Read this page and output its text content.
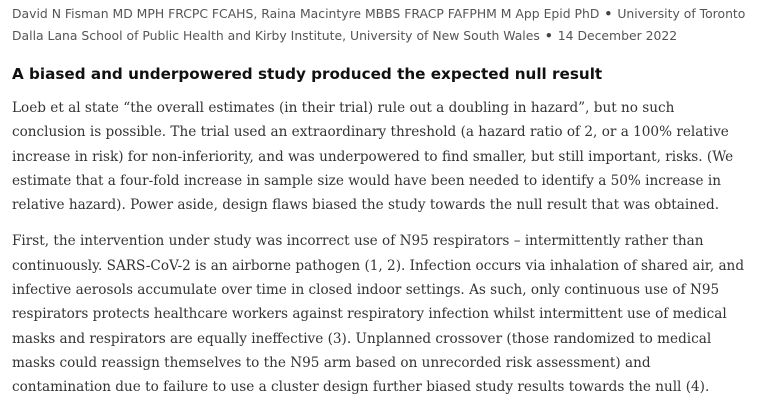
David N Fisman MD MPH FRCPC FCAHS, Raina Macintyre MBBS FRACP FAFPHM M App Epid PhD • University of Toronto Dalla Lana School of Public Health and Kirby Institute, University of New South Wales • 14 December 2022

A biased and underpowered study produced the expected null result

Loeb et al state “the overall estimates (in their trial) rule out a doubling in hazard”, but no such conclusion is possible. The trial used an extraordinary threshold (a hazard ratio of 2, or a 100% relative increase in risk) for non-inferiority, and was underpowered to find smaller, but still important, risks. (We estimate that a four-fold increase in sample size would have been needed to identify a 50% increase in relative hazard). Power aside, design flaws biased the study towards the null result that was obtained.

First, the intervention under study was incorrect use of N95 respirators – intermittently rather than continuously. SARS-CoV-2 is an airborne pathogen (1, 2). Infection occurs via inhalation of shared air, and infective aerosols accumulate over time in closed indoor settings. As such, only continuous use of N95 respirators protects healthcare workers against respiratory infection whilst intermittent use of medical masks and respirators are equally ineffective (3). Unplanned crossover (those randomized to medical masks could reassign themselves to the N95 arm based on unrecorded risk assessment) and contamination due to failure to use a cluster design further biased study results towards the null (4).
